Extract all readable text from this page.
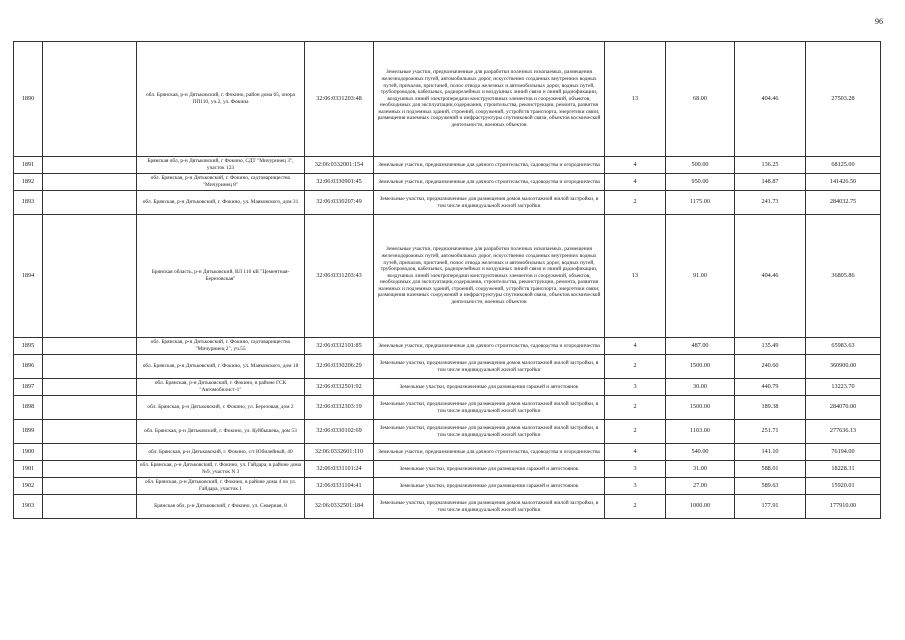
96
1890		обл. Брянская, р-н Дятьковский, г. Фокино, район дома 65, опора ПП110, уч.2, ул. Фокина	32:06:0331203:48	Земельные участки, предназначенные для разработки полезных ископаемых, размещения железнодорожных путей, автомобильных дорог, искусственно созданных внутренних водных путей, причалов, пристаней, полос отвода железных и автомобильных дорог, водных путей, трубопроводов, кабельных, радиорелейных и воздушных линий связи и линий радиофикации, воздушных линий электропередачи конструктивных элементов и сооружений, объектов, необходимых для эксплуатации,содержания, строительства, реконструкции, ремонта, развития наземных и подземных зданий, строений, сооружений, устройств транспорта, энергетики связи; размещения наземных сооружений и инфраструктуры спутниковой связи, объектов космической деятельности, военных объектов	13	68.00	404.46	27503.28
1891		Брянская обл, р-н Дятьковский, г Фокино, СДТ "Мичуринец 3", участок 123	32:06:0332001:154	Земельные участки, предназначенные для дачного строительства, садоводства и огородничества	4	500.00	136.25	68125.00
1892		обл. Брянская, р-н Дятьковский, г. Фокино, садтоварищество "Мичуринец 8"	32:06:0330901:45	Земельные участки, предназначенные для дачного строительства, садоводства и огородничества	4	950.00	148.87	141426.50
1893		обл. Брянская, р-н Дятьковский, г. Фокино, ул. Маяковского, дом 31	32:06:0330207:49	Земельные участки, предназначенные для размещения домов малоэтажной жилой застройки, в том числе индивидуальной жилой застройки	2	1175.00	241.73	284032.75
1894		Брянская область, р-н Дятьковский, ВЛ 110 кВ "Цементная-Березовская"	32:06:0331203:43	Земельные участки, предназначенные для разработки полезных ископаемых, размещения железнодорожных путей, автомобильных дорог, искусственно созданных внутренних водных путей, причалов, пристаней, полос отвода железных и автомобильных дорог, водных путей, трубопроводов, кабельных, радиорелейных и воздушных линий связи и линий радиофикации, воздушных линий электропередачи конструктивных элементов и сооружений, объектов, необходимых для эксплуатации,содержания, строительства, реконструкции, ремонта, развития наземных и подземных зданий, строений, сооружений, устройств транспорта, энергетики связи; размещения наземных сооружений и инфраструктуры спутниковой связи, объектов космической деятельности, военных объектов	13	91.00	404.46	36805.86
1895		обл. Брянская, р-н Дятьковский, г. Фокино, садтоварищество "Мичуринец 2", уч.55	32:06:0332101:85	Земельные участки, предназначенные для дачного строительства, садоводства и огородничества	4	487.00	135.49	65983.63
1896		обл. Брянская, р-н Дятьковский, г. Фокино, ул. Маяковского, дом 18	32:06:0330206:29	Земельные участки, предназначенные для размещения домов малоэтажной жилой застройки, в том числе индивидуальной жилой застройки	2	1500.00	240.60	360900.00
1897		обл. Брянская, р-н Дятьковский, г. Фокино, в районе ГСК "Автомобилист-1"	32:06:0332501:92	Земельные участки, предназначенные для размещения гаражей и автостоянок	3	30.00	440.79	13223.70
1898		обл. Брянская, р-н Дятьковский, г. Фокино, ул. Березовая, дом 2	32:06:0332303:19	Земельные участки, предназначенные для размещения домов малоэтажной жилой застройки, в том числе индивидуальной жилой застройки	2	1500.00	189.38	284070.00
1899		обл. Брянская, р-н Дятьковский, г. Фокино, ул. Куйбышева, дом 53	32:06:0330102:69	Земельные участки, предназначенные для размещения домов малоэтажной жилой застройки, в том числе индивидуальной жилой застройки	2	1103.00	251.71	277636.13
1900		обл. Брянская, р-н Дятьковский, г. Фокино, с/т Юбилейный, 40	32:06:0332601:110	Земельные участки, предназначенные для дачного строительства, садоводства и огородничества	4	540.00	141.10	76194.00
1901		обл. Брянская, р-н Дятьковский, г. Фокино, ул. Гайдара, в районе дома №9, участок N 3	32:06:0331101:24	Земельные участки, предназначенные для размещения гаражей и автостоянок	3	31.00	588.01	18228.31
1902		обл. Брянская, р-н Дятьковский, г. Фокино, в районе дома 4 по ул. Гайдара, участок 1	32:06:0331104:41	Земельные участки, предназначенные для размещения гаражей и автостоянок	3	27.00	589.63	15920.01
1903		Брянская обл, р-н Дятьковский, г Фокино, ул. Северная, 8	32:06:0332501:184	Земельные участки, предназначенные для размещения домов малоэтажной жилой застройки, в том числе индивидуальной жилой застройки	2	1000.00	177.91	177910.00
